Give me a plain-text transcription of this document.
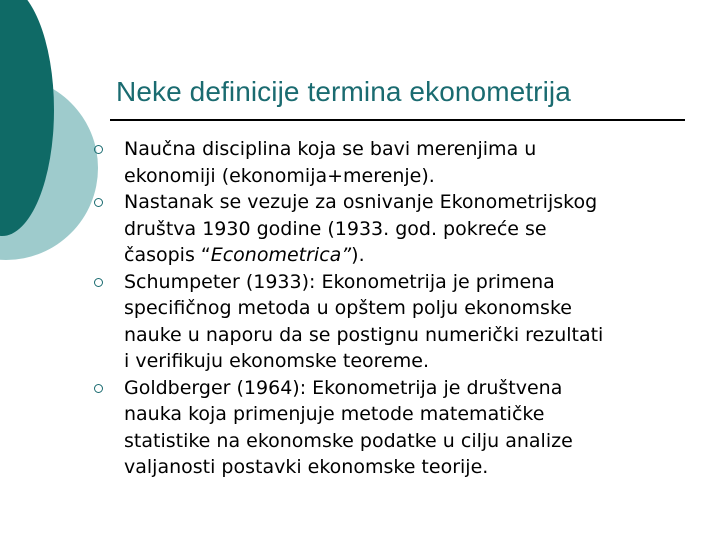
Neke definicije termina ekonometrija
Naučna disciplina koja se bavi merenjima u
ekonomiji (ekonomija+merenje).
Nastanak se vezuje za osnivanje Ekonometrijskog
društva 1930 godine (1933. god. pokreće se
časopis “Econometrica”).
Schumpeter (1933): Ekonometrija je primena
specifičnog metoda u opštem polju ekonomske
nauke u naporu da se postignu numerički rezultati
i verifikuju ekonomske teoreme.
Goldberger (1964): Ekonometrija je društvena
nauka koja primenjuje metode matematičke
statistike na ekonomske podatke u cilju analize
valjanosti postavki ekonomske teorije.
